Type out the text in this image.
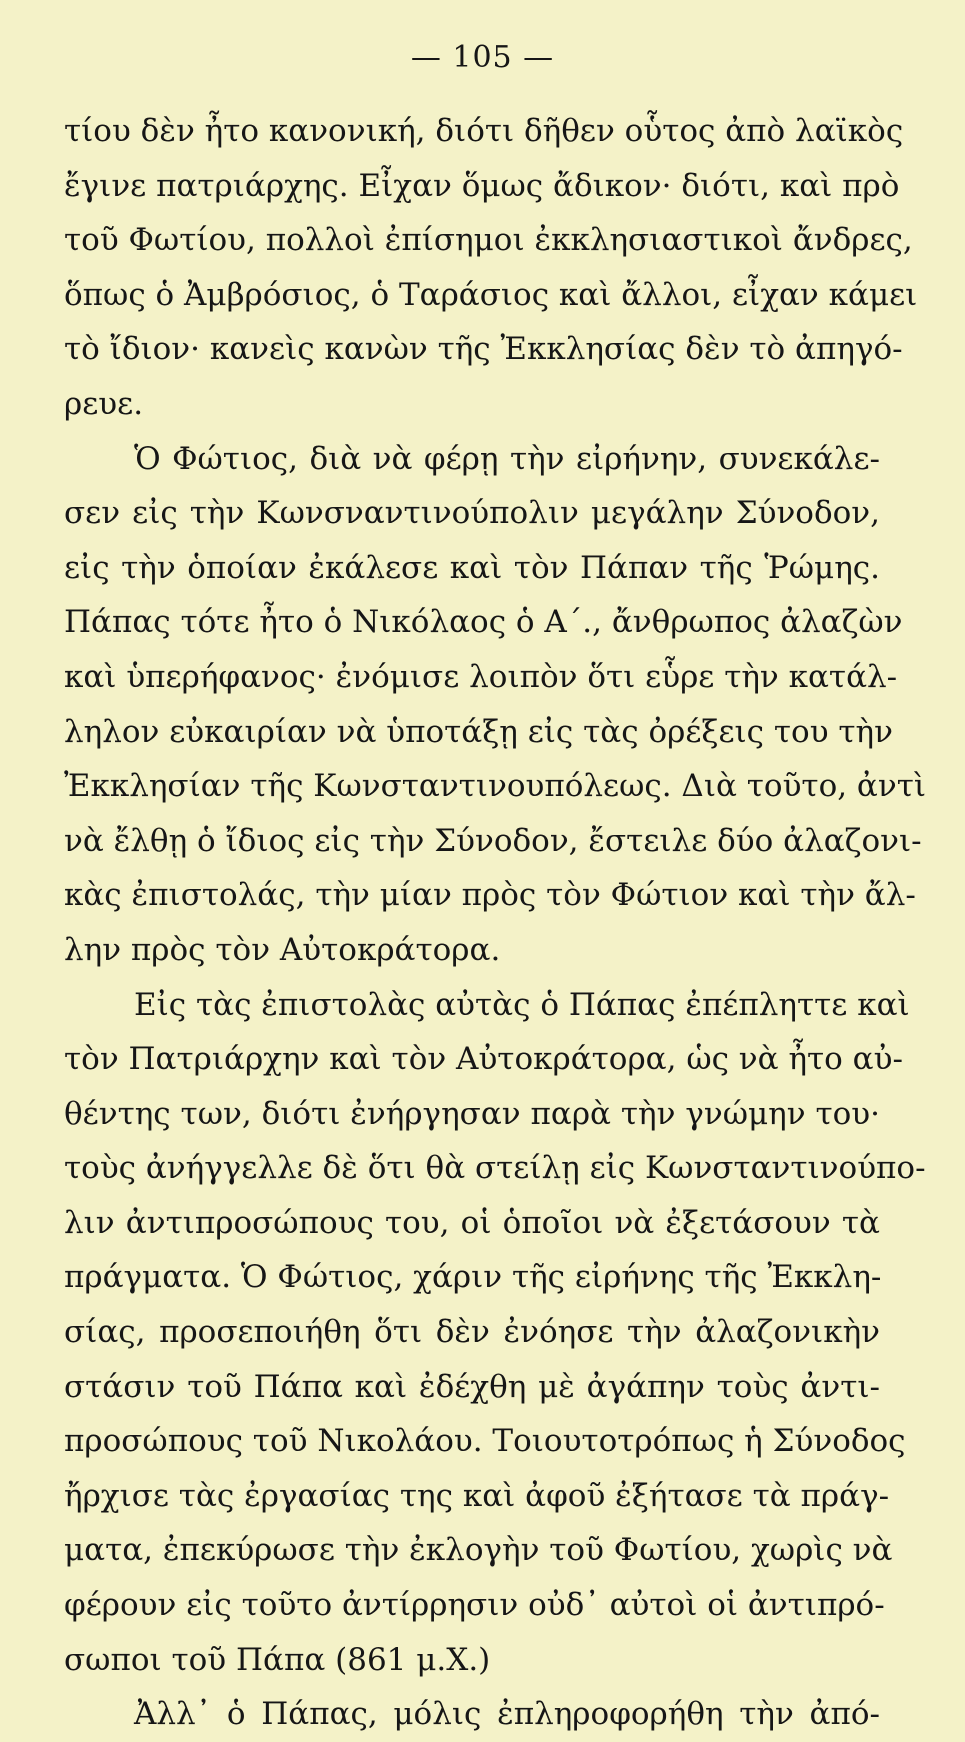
— 105 —
τίου δὲν ἦτο κανονική, διότι δῆθεν οὗτος ἀπὸ λαϊκὸς
ἔγινε πατριάρχης. Εἶχαν ὅμως ἄδικον· διότι, καὶ πρὸ
τοῦ Φωτίου, πολλοὶ ἐπίσημοι ἐκκλησιαστικοὶ ἄνδρες,
ὅπως ὁ Ἀμβρόσιος, ὁ Ταράσιος καὶ ἄλλοι, εἶχαν κάμει
τὸ ἴδιον· κανεὶς κανὼν τῆς Ἐκκλησίας δὲν τὸ ἀπηγό-
ρευε.
Ὁ Φώτιος, διὰ νὰ φέρῃ τὴν εἰρήνην, συνεκάλε-
σεν εἰς τὴν Κωνσναντινούπολιν μεγάλην Σύνοδον,
εἰς τὴν ὁποίαν ἐκάλεσε καὶ τὸν Πάπαν τῆς Ῥώμης.
Πάπας τότε ἦτο ὁ Νικόλαος ὁ Α΄., ἄνθρωπος ἀλαζὼν
καὶ ὑπερήφανος· ἐνόμισε λοιπὸν ὅτι εὗρε τὴν κατάλ-
ληλον εὐκαιρίαν νὰ ὑποτάξῃ εἰς τὰς ὀρέξεις του τὴν
Ἐκκλησίαν τῆς Κωνσταντινουπόλεως. Διὰ τοῦτο, ἀντὶ
νὰ ἔλθῃ ὁ ἴδιος εἰς τὴν Σύνοδον, ἔστειλε δύο ἀλαζονι-
κὰς ἐπιστολάς, τὴν μίαν πρὸς τὸν Φώτιον καὶ τὴν ἄλ-
λην πρὸς τὸν Αὐτοκράτορα.
Εἰς τὰς ἐπιστολὰς αὐτὰς ὁ Πάπας ἐπέπληττε καὶ
τὸν Πατριάρχην καὶ τὸν Αὐτοκράτορα, ὡς νὰ ἦτο αὐ-
θέντης των, διότι ἐνήργησαν παρὰ τὴν γνώμην του·
τοὺς ἀνήγγελλε δὲ ὅτι θὰ στείλῃ εἰς Κωνσταντινούπο-
λιν ἀντιπροσώπους του, οἱ ὁποῖοι νὰ ἐξετάσουν τὰ
πράγματα. Ὁ Φώτιος, χάριν τῆς εἰρήνης τῆς Ἐκκλη-
σίας, προσεποιήθη ὅτι δὲν ἐνόησε τὴν ἀλαζονικὴν
στάσιν τοῦ Πάπα καὶ ἐδέχθη μὲ ἀγάπην τοὺς ἀντι-
προσώπους τοῦ Νικολάου. Τοιουτοτρόπως ἡ Σύνοδος
ἤρχισε τὰς ἐργασίας της καὶ ἀφοῦ ἐξήτασε τὰ πράγ-
ματα, ἐπεκύρωσε τὴν ἐκλογὴν τοῦ Φωτίου, χωρὶς νὰ
φέρουν εἰς τοῦτο ἀντίρρησιν οὐδ᾽ αὐτοὶ οἱ ἀντιπρό-
σωποι τοῦ Πάπα (861 μ.Χ.)
Ἀλλ᾽ ὁ Πάπας, μόλις ἐπληροφορήθη τὴν ἀπό-
